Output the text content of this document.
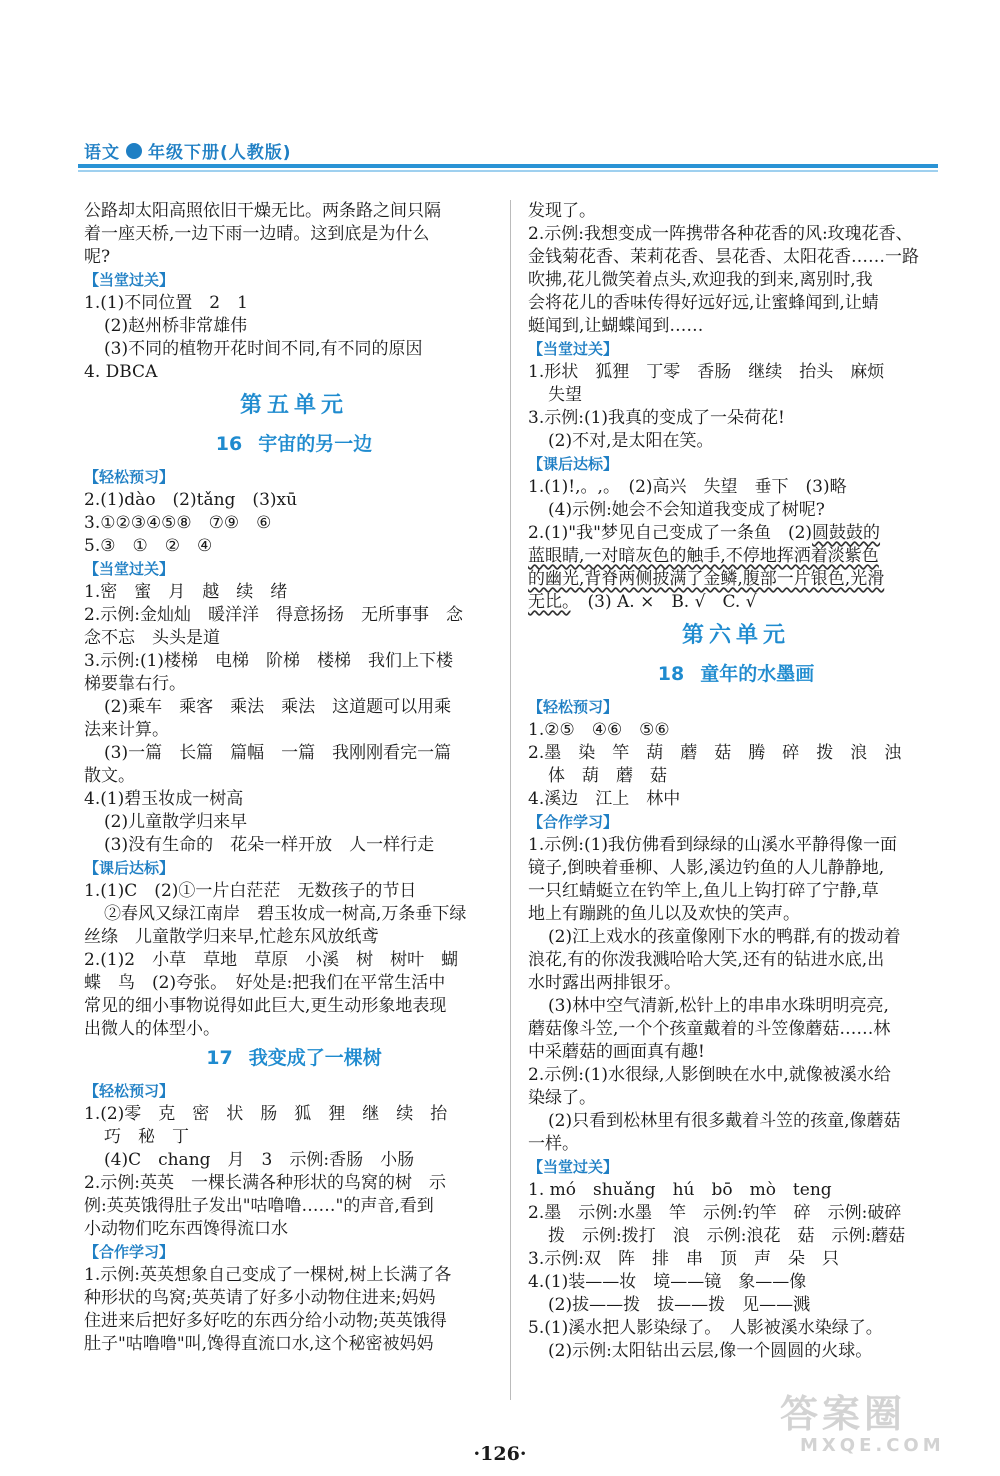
语文 年级下册(人教版)
公路却太阳高照依旧干燥无比。两条路之间只隔
着一座天桥,一边下雨一边晴。这到底是为什么
呢?
【当堂过关】
1.(1)不同位置　2　1
(2)赵州桥非常雄伟
(3)不同的植物开花时间不同,有不同的原因
4. DBCA
第五单元
16 宇宙的另一边
【轻松预习】
2.(1)dào　(2)tǎng　(3)xū
3.①②③④⑤⑧　⑦⑨　⑥
5.③　①　②　④
【当堂过关】
1.密　蜜　月　越　续　绪
2.示例:金灿灿　暖洋洋　得意扬扬　无所事事　念
念不忘　头头是道
3.示例:(1)楼梯　电梯　阶梯　楼梯　我们上下楼
梯要靠右行。
(2)乘车　乘客　乘法　乘法　这道题可以用乘
法来计算。
(3)一篇　长篇　篇幅　一篇　我刚刚看完一篇
散文。
4.(1)碧玉妆成一树高
(2)儿童散学归来早
(3)没有生命的　花朵一样开放　人一样行走
【课后达标】
1.(1)C　(2)①一片白茫茫　无数孩子的节日
②春风又绿江南岸　碧玉妆成一树高,万条垂下绿
丝绦　儿童散学归来早,忙趁东风放纸鸢
2.(1)2　小草　草地　草原　小溪　树　树叶　蝴
蝶　鸟　(2)夸张。　好处是:把我们在平常生活中
常见的细小事物说得如此巨大,更生动形象地表现
出微人的体型小。
17 我变成了一棵树
【轻松预习】
1.(2)零　克　密　状　肠　狐　狸　继　续　抬
巧　秘　丁
(4)C　chang　月　3　示例:香肠　小肠
2.示例:英英　一棵长满各种形状的鸟窝的树　示
例:英英饿得肚子发出"咕噜噜……"的声音,看到
小动物们吃东西馋得流口水
【合作学习】
1.示例:英英想象自己变成了一棵树,树上长满了各
种形状的鸟窝;英英请了好多小动物住进来;妈妈
住进来后把好多好吃的东西分给小动物;英英饿得
肚子"咕噜噜"叫,馋得直流口水,这个秘密被妈妈
发现了。
2.示例:我想变成一阵携带各种花香的风:玫瑰花香、
金钱菊花香、茉莉花香、昙花香、太阳花香……一路
吹拂,花儿微笑着点头,欢迎我的到来,离别时,我
会将花儿的香味传得好远好远,让蜜蜂闻到,让蜻
蜓闻到,让蝴蝶闻到……
【当堂过关】
1.形状　狐狸　丁零　香肠　继续　抬头　麻烦
失望
3.示例:(1)我真的变成了一朵荷花!
(2)不对,是太阳在笑。
【课后达标】
1.(1)!,。,。　(2)高兴　失望　垂下　(3)略
(4)示例:她会不会知道我变成了树呢?
2.(1)"我"梦见自己变成了一条鱼　(2)圆鼓鼓的
蓝眼睛,一对暗灰色的触手,不停地挥洒着淡紫色
的幽光,背脊两侧披满了金鳞,腹部一片银色,光滑
无比。　(3) A. ×　B. √　C. √
第六单元
18 童年的水墨画
【轻松预习】
1.②⑤　④⑥　⑤⑥
2.墨　染　竿　葫　蘑　菇　腾　碎　拨　浪　浊
体　葫　蘑　菇
4.溪边　江上　林中
【合作学习】
1.示例:(1)我仿佛看到绿绿的山溪水平静得像一面
镜子,倒映着垂柳、人影,溪边钓鱼的人儿静静地,
一只红蜻蜓立在钓竿上,鱼儿上钩打碎了宁静,草
地上有蹦跳的鱼儿以及欢快的笑声。
(2)江上戏水的孩童像刚下水的鸭群,有的拨动着
浪花,有的你泼我溅哈哈大笑,还有的钻进水底,出
水时露出两排银牙。
(3)林中空气清新,松针上的串串水珠明明亮亮,
蘑菇像斗笠,一个个孩童戴着的斗笠像蘑菇……林
中采蘑菇的画面真有趣!
2.示例:(1)水很绿,人影倒映在水中,就像被溪水给
染绿了。
(2)只看到松林里有很多戴着斗笠的孩童,像蘑菇
一样。
【当堂过关】
1. mó　shuǎng　hú　bō　mò　teng
2.墨　示例:水墨　竿　示例:钓竿　碎　示例:破碎
拨　示例:拨打　浪　示例:浪花　菇　示例:蘑菇
3.示例:双　阵　排　串　顶　声　朵　只
4.(1)装——妆　境——镜　象——像
(2)拔——拨　拔——拨　见——溅
5.(1)溪水把人影染绿了。　人影被溪水染绿了。
(2)示例:太阳钻出云层,像一个圆圆的火球。
·126·
答案圈
MXQE.COM
